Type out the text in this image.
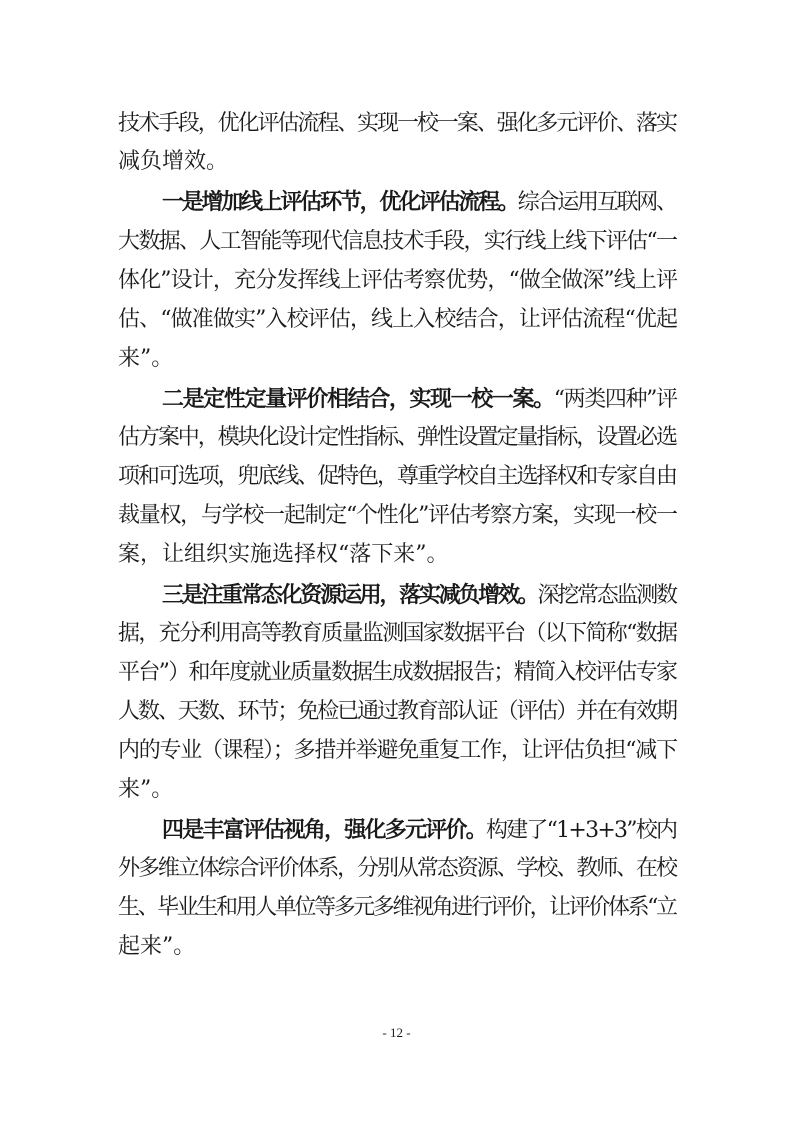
技术手段，优化评估流程、实现一校一案、强化多元评价、落实
减负增效。
一是增加线上评估环节，优化评估流程。综合运用互联网、
大数据、人工智能等现代信息技术手段，实行线上线下评估“一
体化”设计，充分发挥线上评估考察优势，“做全做深”线上评
估、“做准做实”入校评估，线上入校结合，让评估流程“优起
来”。
二是定性定量评价相结合，实现一校一案。“两类四种”评
估方案中，模块化设计定性指标、弹性设置定量指标，设置必选
项和可选项，兜底线、促特色，尊重学校自主选择权和专家自由
裁量权，与学校一起制定“个性化”评估考察方案，实现一校一
案，让组织实施选择权“落下来”。
三是注重常态化资源运用，落实减负增效。深挖常态监测数
据，充分利用高等教育质量监测国家数据平台（以下简称“数据
平台”）和年度就业质量数据生成数据报告；精简入校评估专家
人数、天数、环节；免检已通过教育部认证（评估）并在有效期
内的专业（课程）；多措并举避免重复工作，让评估负担“减下
来”。
四是丰富评估视角，强化多元评价。构建了“1+3+3”校内
外多维立体综合评价体系，分别从常态资源、学校、教师、在校
生、毕业生和用人单位等多元多维视角进行评价，让评价体系“立
起来”。
- 12 -
